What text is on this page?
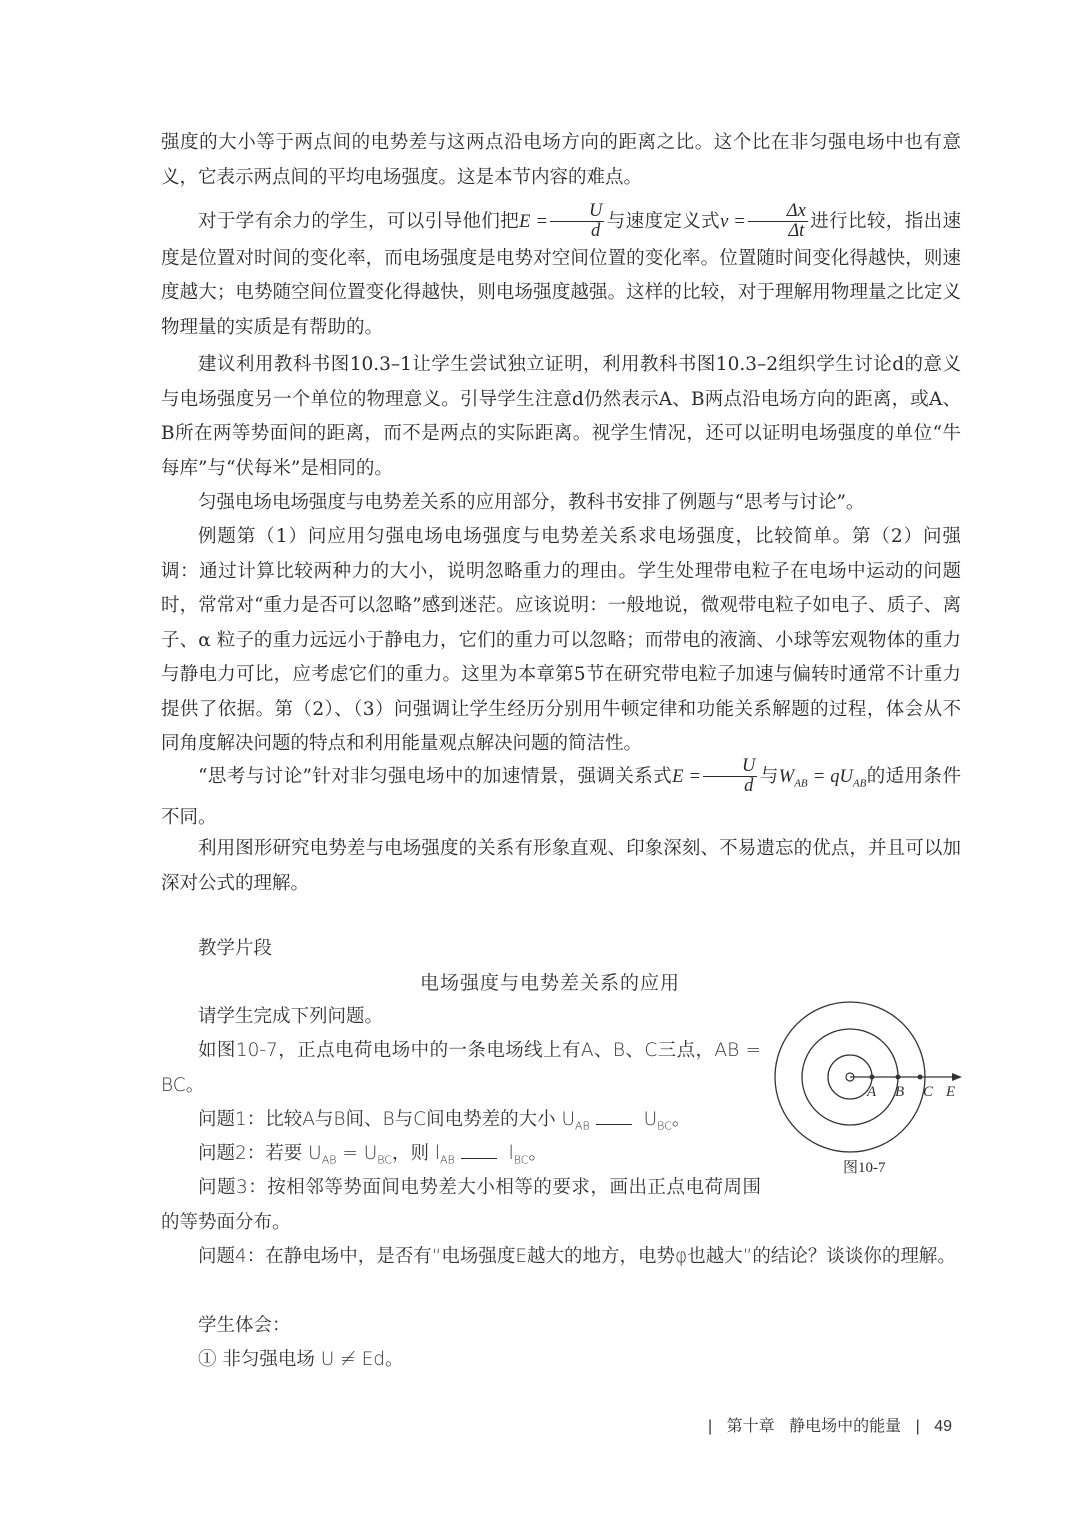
强度的大小等于两点间的电势差与这两点沿电场方向的距离之比。这个比在非匀强电场中也有意义，它表示两点间的平均电场强度。这是本节内容的难点。

对于学有余力的学生，可以引导他们把$E = \frac{U}{d}$ 与速度定义式$v = \frac{\Delta x}{\Delta t}$ 进行比较，指出速度是位置对时间的变化率，而电场强度是电势对空间位置的变化率。位置随时间变化得越快，则速度越大；电势随空间位置变化得越快，则电场强度越强。这样的比较，对于理解用物理量之比定义物理量的实质是有帮助的。

建议利用教科书图10.3–1让学生尝试独立证明，利用教科书图10.3–2组织学生讨论d的意义与电场强度另一个单位的物理意义。引导学生注意d仍然表示A、B两点沿电场方向的距离，或A、B所在两等势面间的距离，而不是两点的实际距离。视学生情况，还可以证明电场强度的单位“牛每库”与“伏每米”是相同的。

匀强电场电场强度与电势差关系的应用部分，教科书安排了例题与“思考与讨论”。

例题第（1）问应用匀强电场电场强度与电势差关系求电场强度，比较简单。第（2）问强调：通过计算比较两种力的大小，说明忽略重力的理由。学生处理带电粒子在电场中运动的问题时，常常对“重力是否可以忽略”感到迷茫。应该说明：一般地说，微观带电粒子如电子、质子、离子、α 粒子的重力远远小于静电力，它们的重力可以忽略；而带电的液滴、小球等宏观物体的重力与静电力可比，应考虑它们的重力。这里为本章第5节在研究带电粒子加速与偏转时通常不计重力提供了依据。第（2）、（3）问强调让学生经历分别用牛顿定律和功能关系解题的过程，体会从不同角度解决问题的特点和利用能量观点解决问题的简洁性。

“思考与讨论”针对非匀强电场中的加速情景，强调关系式$E = \frac{U}{d}$ 与$W_{AB} = qU_{AB}$的适用条件不同。

利用图形研究电势差与电场强度的关系有形象直观、印象深刻、不易遗忘的优点，并且可以加深对公式的理解。

教学片段
电场强度与电势差关系的应用

请学生完成下列问题。

如图10-7，正点电荷电场中的一条电场线上有A、B、C三点，AB = BC。

问题1：比较A与B间、B与C间电势差的大小 $U_{AB}$	$U_{BC}$。

问题2：若要 $U_{AB} = U_{BC}$，则 $l_{AB}$	$l_{BC}$。

问题3：按相邻等势面间电势差大小相等的要求，画出正点电荷周围的等势面分布。

问题4：在静电场中，是否有“电场强度E越大的地方，电势φ也越大”的结论？谈谈你的理解。

学生体会：

① 非匀强电场 U ≠ Ed。

A B C E
图10-7
| 第十章 静电场中的能量 | 49
